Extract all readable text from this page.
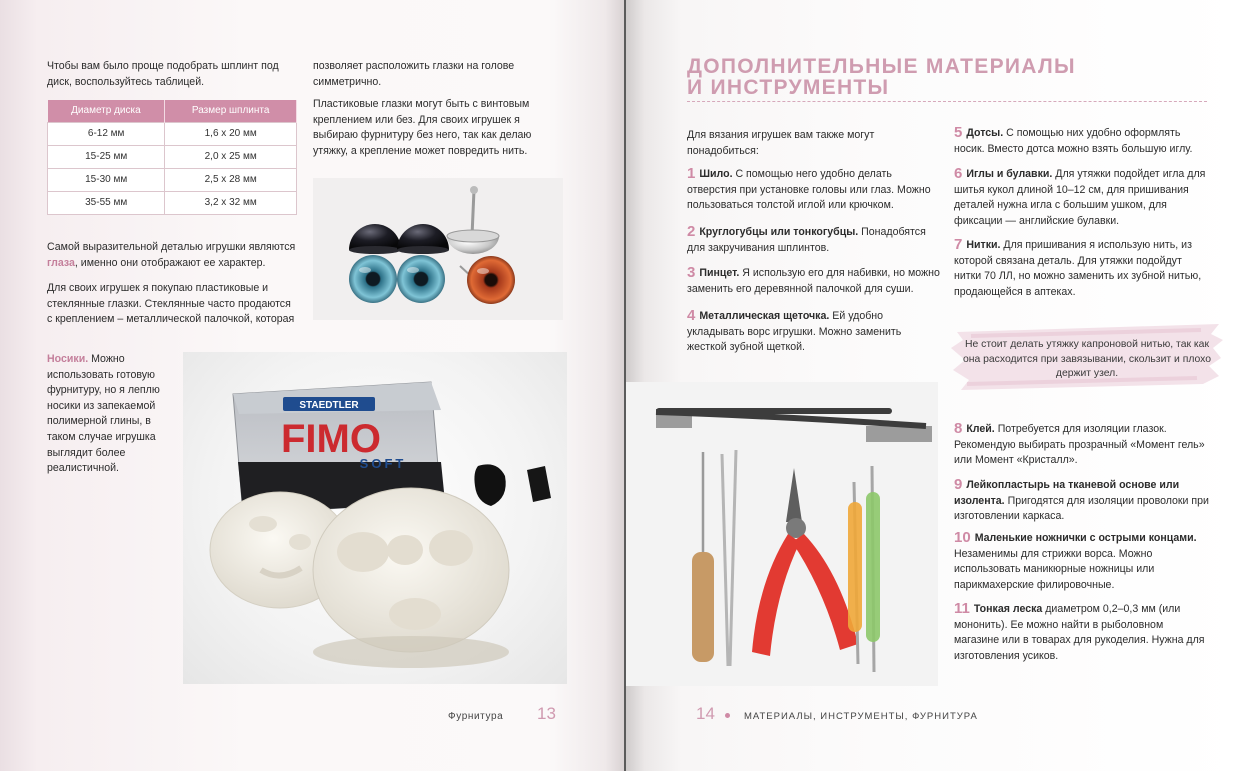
Чтобы вам было проще подобрать шплинт под диск, воспользуйтесь таблицей.

Диаметр диска	Размер шплинта
6-12 мм	1,6 х 20 мм
15-25 мм	2,0 х 25 мм
15-30 мм	2,5 х 28 мм
35-55 мм	3,2 х 32 мм

Самой выразительной деталью игрушки являются глаза, именно они отображают ее характер.

Для своих игрушек я покупаю пластиковые и стеклянные глазки. Стеклянные часто продаются с креплением – металлической палочкой, которая

позволяет расположить глазки на голове симметрично.

Пластиковые глазки могут быть с винтовым креплением или без. Для своих игрушек я выбираю фурнитуру без него, так как делаю утяжку, а крепление может повредить нить.

Носики. Можно использовать готовую фурнитуру, но я леплю носики из запекаемой полимерной глины, в таком случае игрушка выглядит более реалистичной.

STAEDTLER
FIMO
SOFT
Фурнитура 13
ДОПОЛНИТЕЛЬНЫЕ МАТЕРИАЛЫ
И ИНСТРУМЕНТЫ

Для вязания игрушек вам также могут понадобиться:

1 Шило. С помощью него удобно делать отверстия при установке головы или глаз. Можно пользоваться толстой иглой или крючком.

2 Круглогубцы или тонкогубцы. Понадобятся для закручивания шплинтов.

3 Пинцет. Я использую его для набивки, но можно заменить его деревянной палочкой для суши.

4 Металлическая щеточка. Ей удобно укладывать ворс игрушки. Можно заменить жесткой зубной щеткой.

5 Дотсы. С помощью них удобно оформлять носик. Вместо дотса можно взять большую иглу.

6 Иглы и булавки. Для утяжки подойдет игла для шитья кукол длиной 10–12 см, для пришивания деталей нужна игла с большим ушком, для фиксации — английские булавки.

7 Нитки. Для пришивания я использую нить, из которой связана деталь. Для утяжки подойдут нитки 70 ЛЛ, но можно заменить их зубной нитью, продающейся в аптеках.

Не стоит делать утяжку капроновой нитью, так как она расходится при завязывании, скользит и плохо держит узел.

8 Клей. Потребуется для изоляции глазок. Рекомендую выбирать прозрачный «Момент гель» или Момент «Кристалл».

9 Лейкопластырь на тканевой основе или изолента. Пригодятся для изоляции проволоки при изготовлении каркаса.

10 Маленькие ножнички с острыми концами. Незаменимы для стрижки ворса. Можно использовать маникюрные ножницы или парикмахерские филировочные.

11 Тонкая леска диаметром 0,2–0,3 мм (или мононить). Ее можно найти в рыболовном магазине или в товарах для рукоделия. Нужна для изготовления усиков.

14	МАТЕРИАЛЫ, ИНСТРУМЕНТЫ, ФУРНИТУРА
